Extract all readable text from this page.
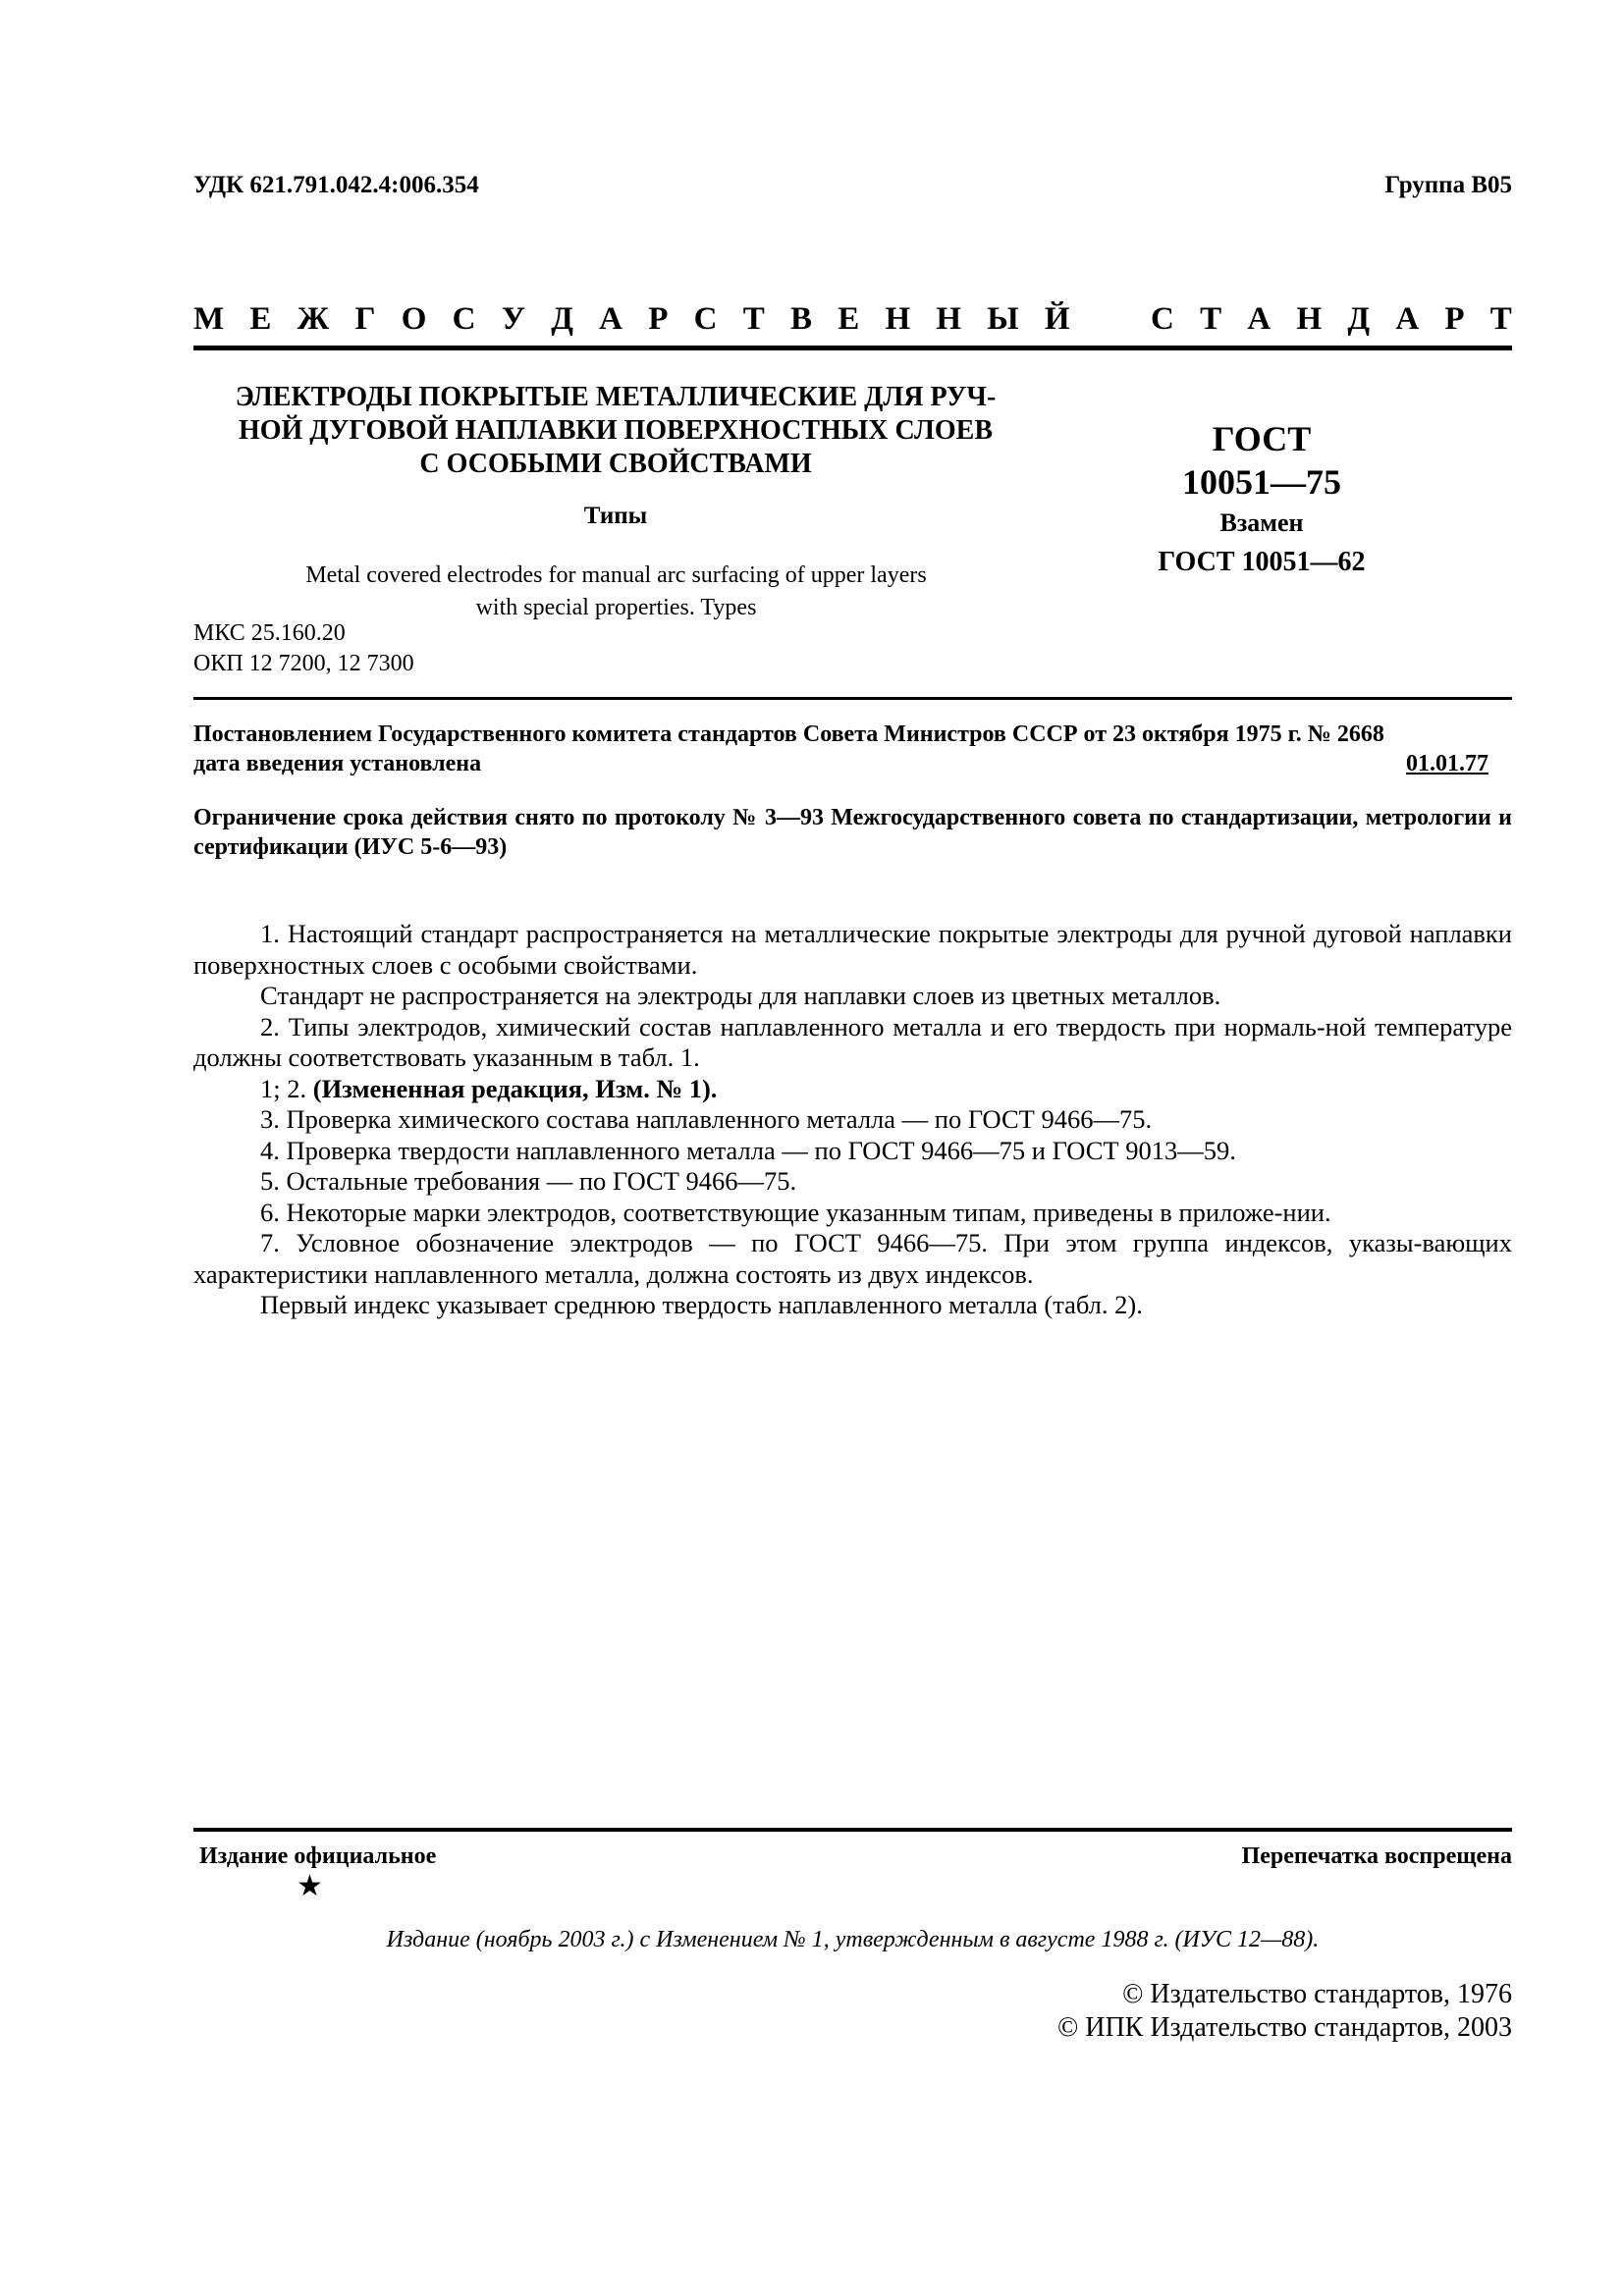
УДК 621.791.042.4:006.354	Группа В05
М Е Ж Г О С У Д А Р С Т В Е Н Н Ы Й С Т А Н Д А Р Т
ЭЛЕКТРОДЫ ПОКРЫТЫЕ МЕТАЛЛИЧЕСКИЕ ДЛЯ РУЧ-
НОЙ ДУГОВОЙ НАПЛАВКИ ПОВЕРХНОСТНЫХ СЛОЕВ
С ОСОБЫМИ СВОЙСТВАМИ
Типы
Metal covered electrodes for manual arc surfacing of upper layers
with special properties. Types
ГОСТ
10051—75
Взамен
ГОСТ 10051—62
МКС 25.160.20
ОКП 12 7200, 12 7300
Постановлением Государственного комитета стандартов Совета Министров СССР от 23 октября 1975 г. № 2668
дата введения установлена	01.01.77
Ограничение срока действия снято по протоколу № 3—93 Межгосударственного совета по стандартизации, метрологии и сертификации (ИУС 5-6—93)

1. Настоящий стандарт распространяется на металлические покрытые электроды для ручной дуговой наплавки поверхностных слоев с особыми свойствами.

Стандарт не распространяется на электроды для наплавки слоев из цветных металлов.

2. Типы электродов, химический состав наплавленного металла и его твердость при нормаль-ной температуре должны соответствовать указанным в табл. 1.

1; 2. (Измененная редакция, Изм. № 1).

3. Проверка химического состава наплавленного металла — по ГОСТ 9466—75.

4. Проверка твердости наплавленного металла — по ГОСТ 9466—75 и ГОСТ 9013—59.

5. Остальные требования — по ГОСТ 9466—75.

6. Некоторые марки электродов, соответствующие указанным типам, приведены в приложе-нии.

7. Условное обозначение электродов — по ГОСТ 9466—75. При этом группа индексов, указы-вающих характеристики наплавленного металла, должна состоять из двух индексов.

Первый индекс указывает среднюю твердость наплавленного металла (табл. 2).

Издание официальное	Перепечатка воспрещена
★
Издание (ноябрь 2003 г.) с Изменением № 1, утвержденным в августе 1988 г. (ИУС 12—88).
© Издательство стандартов, 1976
© ИПК Издательство стандартов, 2003
